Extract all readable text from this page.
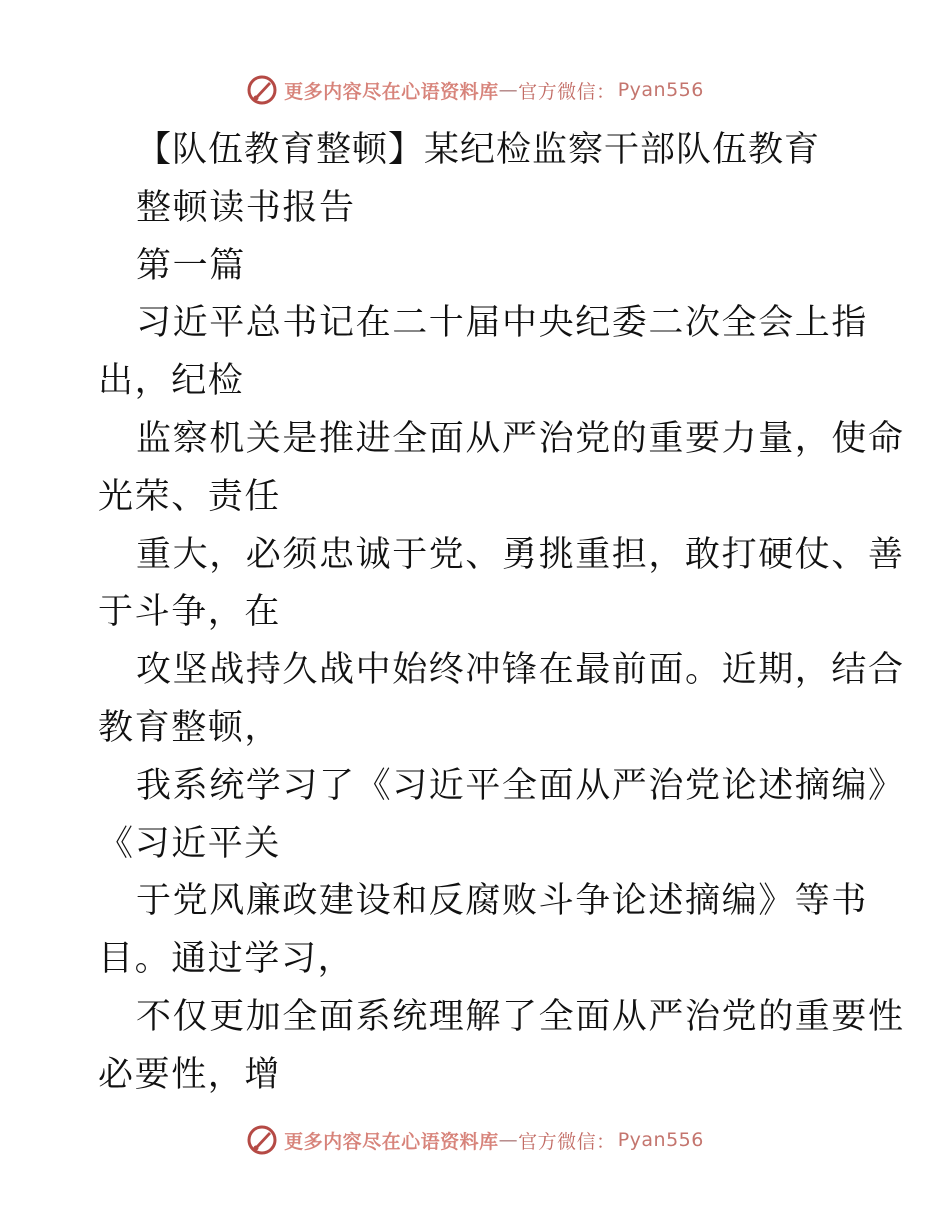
更多内容尽在心语资料库 — 官方微信： Pyan556
【队伍教育整顿】某纪检监察干部队伍教育
整顿读书报告
第一篇
习近平总书记在二十届中央纪委二次全会上指
出，纪检
监察机关是推进全面从严治党的重要力量，使命
光荣、责任
重大，必须忠诚于党、勇挑重担，敢打硬仗、善
于斗争，在
攻坚战持久战中始终冲锋在最前面。近期，结合
教育整顿，
我系统学习了《习近平全面从严治党论述摘编》
《习近平关
于党风廉政建设和反腐败斗争论述摘编》等书
目。通过学习，
不仅更加全面系统理解了全面从严治党的重要性
必要性，增
更多内容尽在心语资料库 — 官方微信： Pyan556
